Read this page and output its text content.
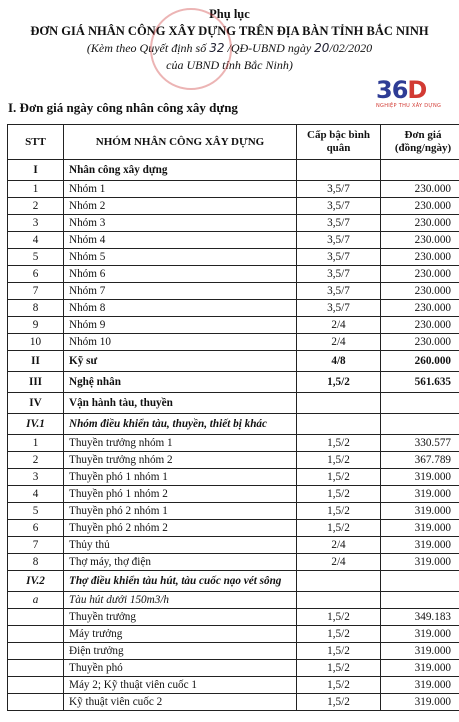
Phụ lục
ĐƠN GIÁ NHÂN CÔNG XÂY DỰNG TRÊN ĐỊA BÀN TỈNH BẮC NINH
(Kèm theo Quyết định số 32 /QĐ-UBND ngày 20/02/2020
của UBND tỉnh Bắc Ninh)
36D
NGHIỆP THU XÂY DỰNG
I. Đơn giá ngày công nhân công xây dựng
STT	NHÓM NHÂN CÔNG XÂY DỰNG	Cấp bậc bình quân	Đơn giá (đồng/ngày)
I	Nhân công xây dựng		
1	Nhóm 1	3,5/7	230.000
2	Nhóm 2	3,5/7	230.000
3	Nhóm 3	3,5/7	230.000
4	Nhóm 4	3,5/7	230.000
5	Nhóm 5	3,5/7	230.000
6	Nhóm 6	3,5/7	230.000
7	Nhóm 7	3,5/7	230.000
8	Nhóm 8	3,5/7	230.000
9	Nhóm 9	2/4	230.000
10	Nhóm 10	2/4	230.000
II	Kỹ sư	4/8	260.000
III	Nghệ nhân	1,5/2	561.635
IV	Vận hành tàu, thuyền		
IV.1	Nhóm điều khiển tàu, thuyền, thiết bị khác		
1	Thuyền trưởng nhóm 1	1,5/2	330.577
2	Thuyền trưởng nhóm 2	1,5/2	367.789
3	Thuyền phó 1 nhóm 1	1,5/2	319.000
4	Thuyền phó 1 nhóm 2	1,5/2	319.000
5	Thuyền phó 2 nhóm 1	1,5/2	319.000
6	Thuyền phó 2 nhóm 2	1,5/2	319.000
7	Thủy thủ	2/4	319.000
8	Thợ máy, thợ điện	2/4	319.000
IV.2	Thợ điều khiển tàu hút, tàu cuốc nạo vét sông		
a	Tàu hút dưới 150m3/h		
	Thuyền trưởng	1,5/2	349.183
	Máy trưởng	1,5/2	319.000
	Điện trưởng	1,5/2	319.000
	Thuyền phó	1,5/2	319.000
	Máy 2; Kỹ thuật viên cuốc 1	1,5/2	319.000
	Kỹ thuật viên cuốc 2	1,5/2	319.000
